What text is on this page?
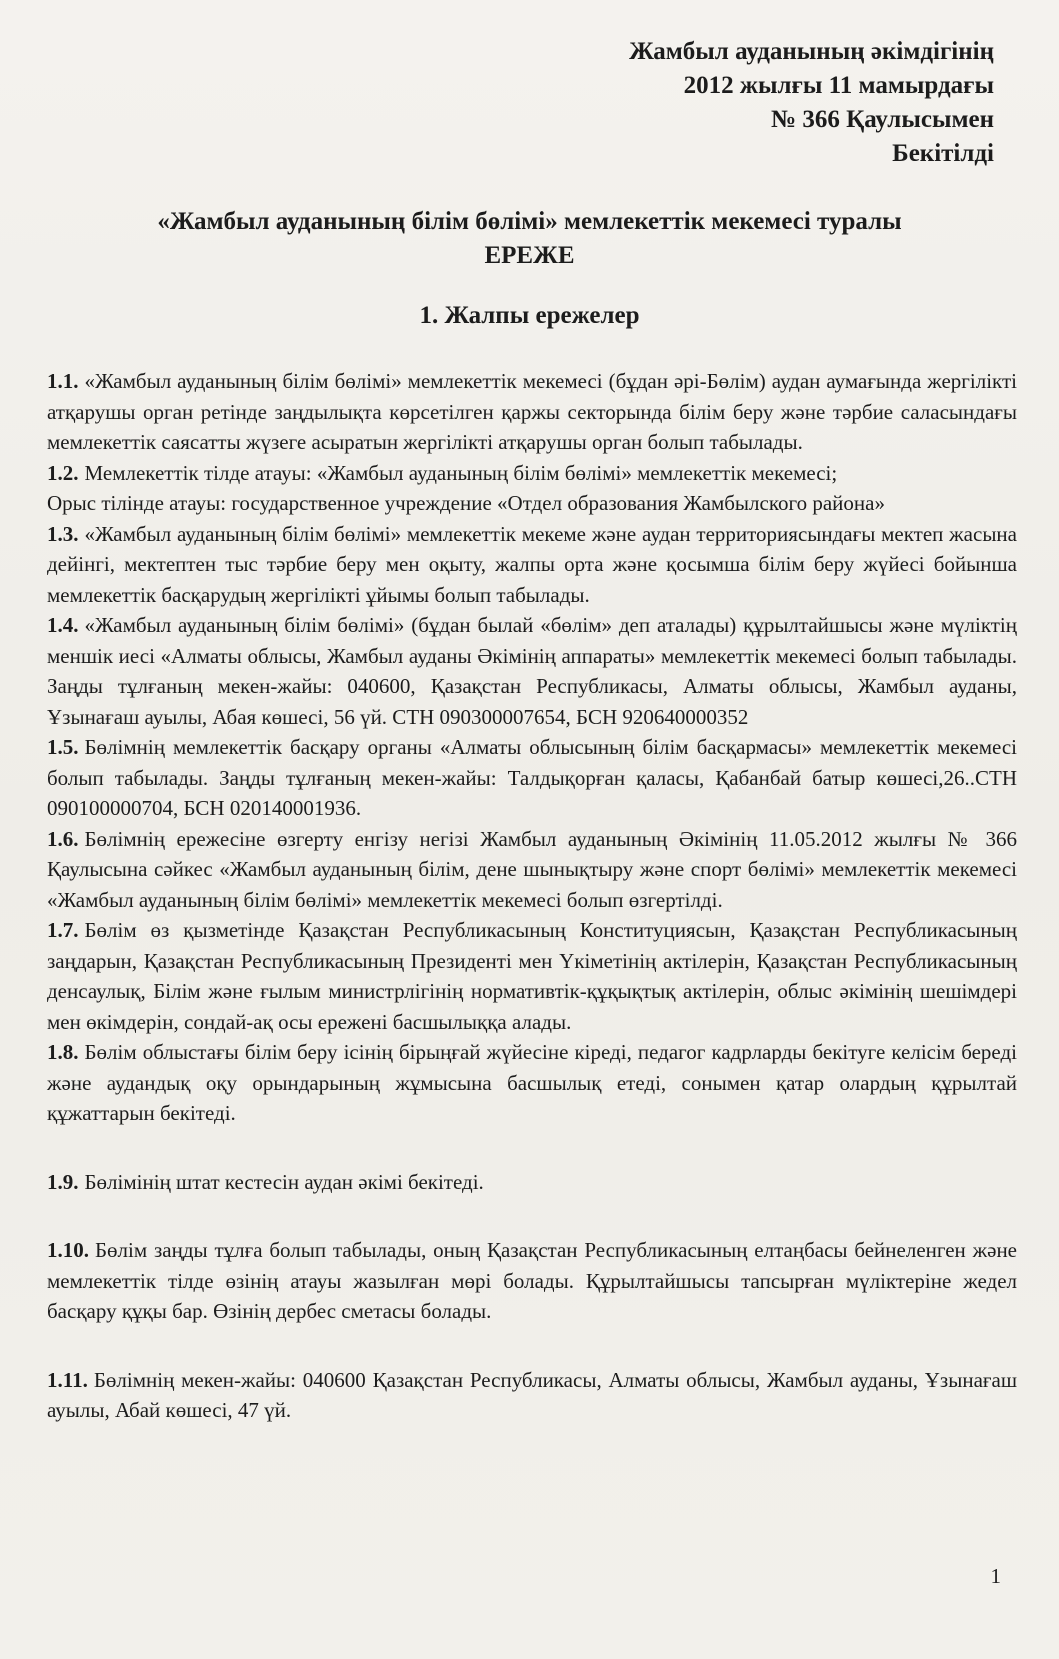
Жамбыл ауданының әкімдігінің
2012 жылғы 11 мамырдағы
№ 366 Қаулысымен
Бекітілді
«Жамбыл ауданының білім бөлімі» мемлекеттік мекемесі туралы
ЕРЕЖЕ
1. Жалпы ережелер

1.1. «Жамбыл ауданының білім бөлімі» мемлекеттік мекемесі (бұдан әрі-Бөлім) аудан аумағында жергілікті атқарушы орган ретінде заңдылықта көрсетілген қаржы секторында білім беру және тәрбие саласындағы мемлекеттік саясатты жүзеге асыратын жергілікті атқарушы орган болып табылады.

1.2. Мемлекеттік тілде атауы: «Жамбыл ауданының білім бөлімі» мемлекеттік мекемесі;

Орыс тілінде атауы: государственное учреждение «Отдел образования Жамбылского района»

1.3. «Жамбыл ауданының білім бөлімі» мемлекеттік мекеме және аудан территориясындағы мектеп жасына дейінгі, мектептен тыс тәрбие беру мен оқыту, жалпы орта және қосымша білім беру жүйесі бойынша мемлекеттік басқарудың жергілікті ұйымы болып табылады.

1.4. «Жамбыл ауданының білім бөлімі» (бұдан былай «бөлім» деп аталады) құрылтайшысы және мүліктің меншік иесі «Алматы облысы, Жамбыл ауданы Әкімінің аппараты» мемлекеттік мекемесі болып табылады. Заңды тұлғаның мекен-жайы: 040600, Қазақстан Республикасы, Алматы облысы, Жамбыл ауданы, Ұзынағаш ауылы, Абая көшесі, 56 үй. СТН 090300007654, БСН 920640000352

1.5. Бөлімнің мемлекеттік басқару органы «Алматы облысының білім басқармасы» мемлекеттік мекемесі болып табылады. Заңды тұлғаның мекен-жайы: Талдықорған қаласы, Қабанбай батыр көшесі,26..СТН 090100000704, БСН 020140001936.

1.6. Бөлімнің ережесіне өзгерту енгізу негізі Жамбыл ауданының Әкімінің 11.05.2012 жылғы № 366 Қаулысына сәйкес «Жамбыл ауданының білім, дене шынықтыру және спорт бөлімі» мемлекеттік мекемесі «Жамбыл ауданының білім бөлімі» мемлекеттік мекемесі болып өзгертілді.

1.7. Бөлім өз қызметінде Қазақстан Республикасының Конституциясын, Қазақстан Республикасының заңдарын, Қазақстан Республикасының Президенті мен Үкіметінің актілерін, Қазақстан Республикасының денсаулық, Білім және ғылым министрлігінің нормативтік-құқықтық актілерін, облыс әкімінің шешімдері мен өкімдерін, сондай-ақ осы ережені басшылыққа алады.

1.8. Бөлім облыстағы білім беру ісінің бірыңғай жүйесіне кіреді, педагог кадрларды бекітуге келісім береді және аудандық оқу орындарының жұмысына басшылық етеді, сонымен қатар олардың құрылтай құжаттарын бекітеді.

1.9. Бөлімінің штат кестесін аудан әкімі бекітеді.

1.10. Бөлім заңды тұлға болып табылады, оның Қазақстан Республикасының елтаңбасы бейнеленген және мемлекеттік тілде өзінің атауы жазылған мөрі болады. Құрылтайшысы тапсырған мүліктеріне жедел басқару құқы бар. Өзінің дербес сметасы болады.

1.11. Бөлімнің мекен-жайы: 040600 Қазақстан Республикасы, Алматы облысы, Жамбыл ауданы, Ұзынағаш ауылы, Абай көшесі, 47 үй.

1
